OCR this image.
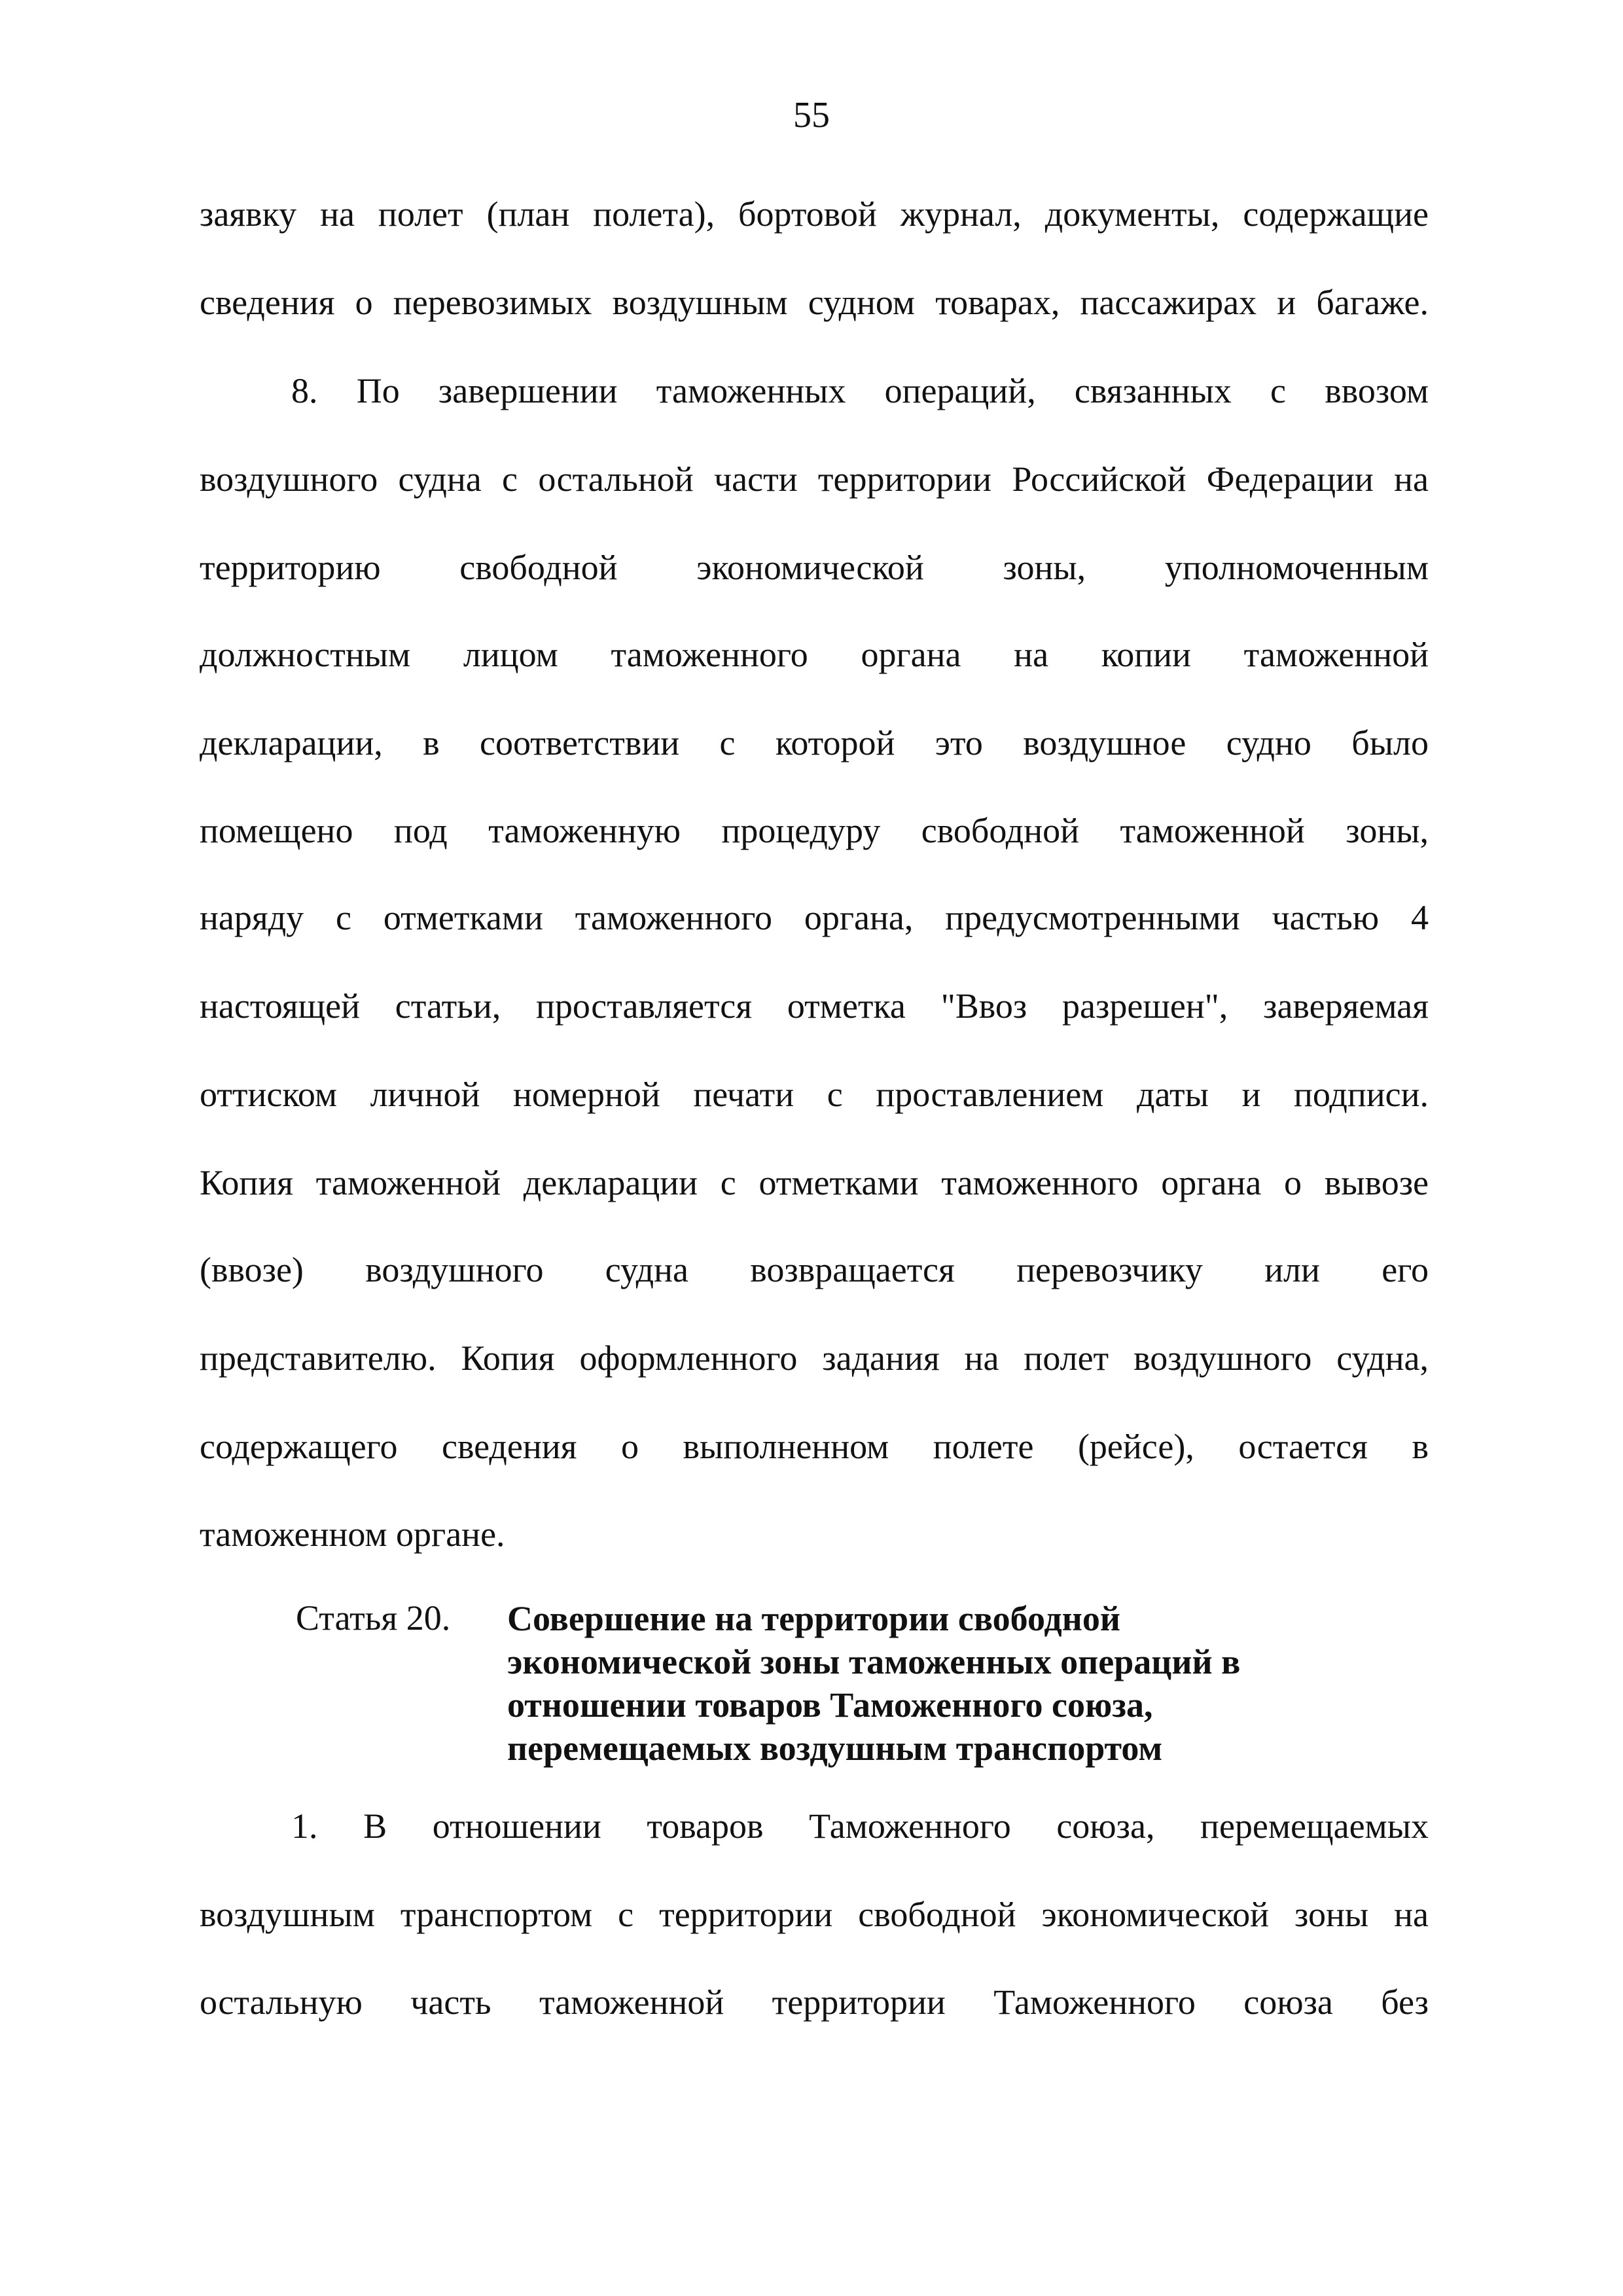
55
заявку на полет (план полета), бортовой журнал, документы, содержащие
сведения о перевозимых воздушным судном товарах, пассажирах и багаже.
8. По завершении таможенных операций, связанных с ввозом
воздушного судна с остальной части территории Российской Федерации на
территорию свободной экономической зоны, уполномоченным
должностным лицом таможенного органа на копии таможенной
декларации, в соответствии с которой это воздушное судно было
помещено под таможенную процедуру свободной таможенной зоны,
наряду с отметками таможенного органа, предусмотренными частью 4
настоящей статьи, проставляется отметка "Ввоз разрешен", заверяемая
оттиском личной номерной печати с проставлением даты и подписи.
Копия таможенной декларации с отметками таможенного органа о вывозе
(ввозе) воздушного судна возвращается перевозчику или его
представителю. Копия оформленного задания на полет воздушного судна,
содержащего сведения о выполненном полете (рейсе), остается в
таможенном органе.
Статья 20. Совершение на территории свободной
экономической зоны таможенных операций в
отношении товаров Таможенного союза,
перемещаемых воздушным транспортом
1. В отношении товаров Таможенного союза, перемещаемых
воздушным транспортом с территории свободной экономической зоны на
остальную часть таможенной территории Таможенного союза без
